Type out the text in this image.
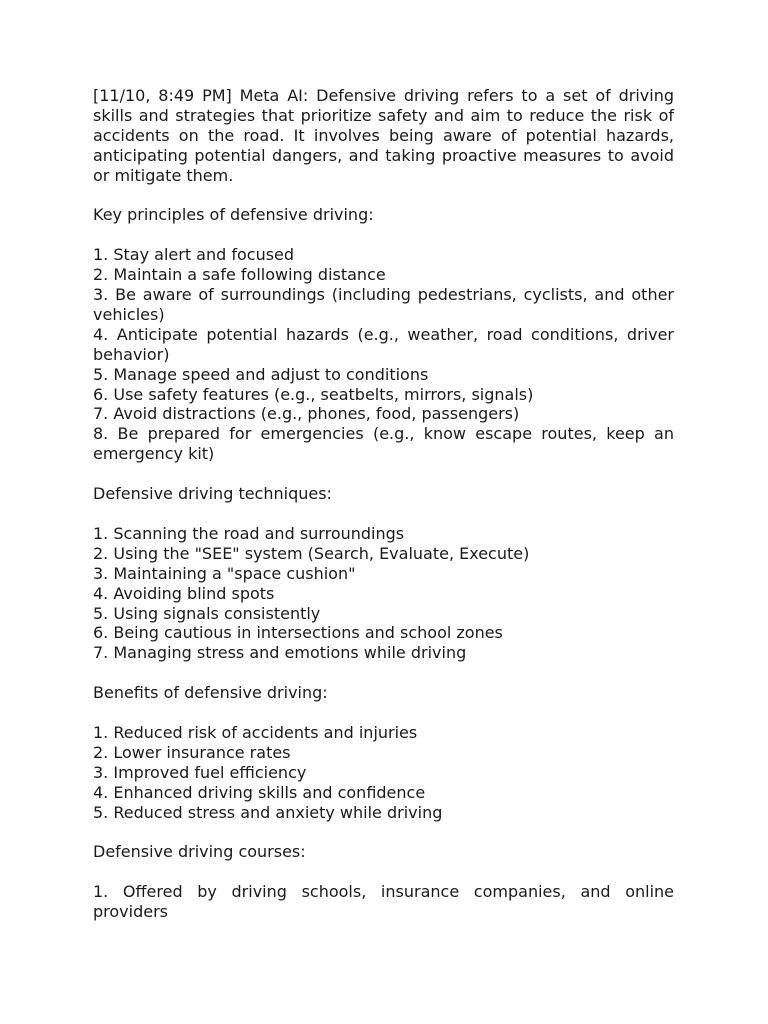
[11/10, 8:49 PM] Meta AI: Defensive driving refers to a set of driving skills and strategies that prioritize safety and aim to reduce the risk of accidents on the road. It involves being aware of potential hazards, anticipating potential dangers, and taking proactive measures to avoid or mitigate them.

Key principles of defensive driving:

1. Stay alert and focused

2. Maintain a safe following distance

3. Be aware of surroundings (including pedestrians, cyclists, and other vehicles)

4. Anticipate potential hazards (e.g., weather, road conditions, driver behavior)

5. Manage speed and adjust to conditions

6. Use safety features (e.g., seatbelts, mirrors, signals)

7. Avoid distractions (e.g., phones, food, passengers)

8. Be prepared for emergencies (e.g., know escape routes, keep an emergency kit)

Defensive driving techniques:

1. Scanning the road and surroundings

2. Using the "SEE" system (Search, Evaluate, Execute)

3. Maintaining a "space cushion"

4. Avoiding blind spots

5. Using signals consistently

6. Being cautious in intersections and school zones

7. Managing stress and emotions while driving

Benefits of defensive driving:

1. Reduced risk of accidents and injuries

2. Lower insurance rates

3. Improved fuel efficiency

4. Enhanced driving skills and confidence

5. Reduced stress and anxiety while driving

Defensive driving courses:

1. Offered by driving schools, insurance companies, and online providers
